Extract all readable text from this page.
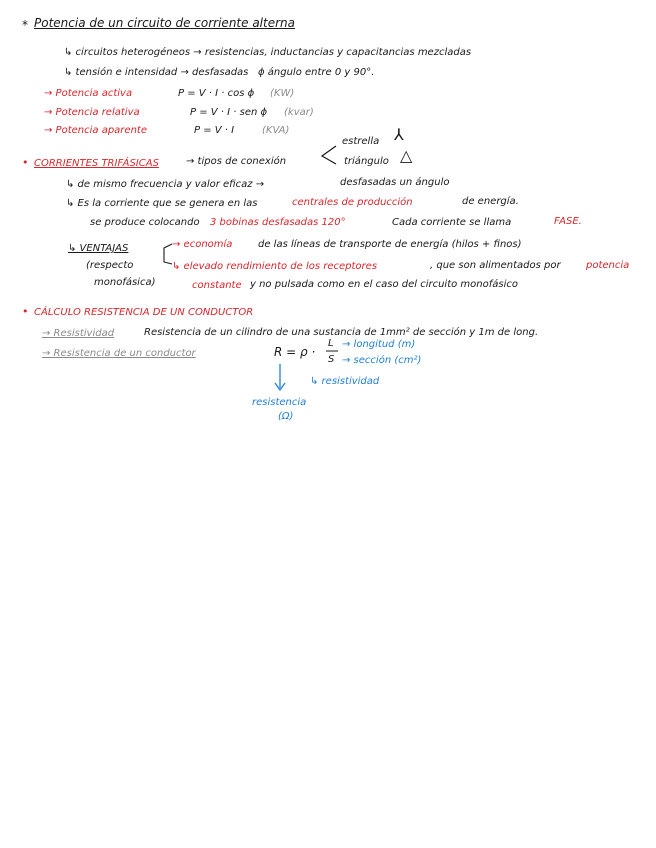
* Potencia de un circuito de corriente alterna
↳ circuitos heterogéneos → resistencias, inductancias y capacitancias mezcladas
↳ tensión e intensidad → desfasadas ϕ ángulo entre 0 y 90°.
→ Potencia activa	P = V · I · cos ϕ (KW)
→ Potencia relativa	P = V · I · sen ϕ (kvar)
→ Potencia aparente	P = V · I	(KVA)
• CORRIENTES TRIFÁSICAS	→ tipos de conexión
estrella ⅄
triángulo △
↳ de mismo frecuencia y valor eficaz →	desfasadas un ángulo
↳ Es la corriente que se genera en las	centrales de producción	de energía.
se produce colocando 3 bobinas desfasadas 120°	Cada corriente se llama	FASE.
↳ VENTAJAS
(respecto
monofásica)
→ economía	de las líneas de transporte de energía (hilos + finos)
↳ elevado rendimiento de los receptores	, que son alimentados por	potencia
constante y no pulsada como en el caso del circuito monofásico
• CÁLCULO RESISTENCIA DE UN CONDUCTOR
→ Resistividad	Resistencia de un cilindro de una sustancia de 1mm² de sección y 1m de long.
→ Resistencia de un conductor	R = ρ ·
L
S
→ longitud (m)
→ sección (cm²)
↳ resistividad
resistencia
(Ω)
